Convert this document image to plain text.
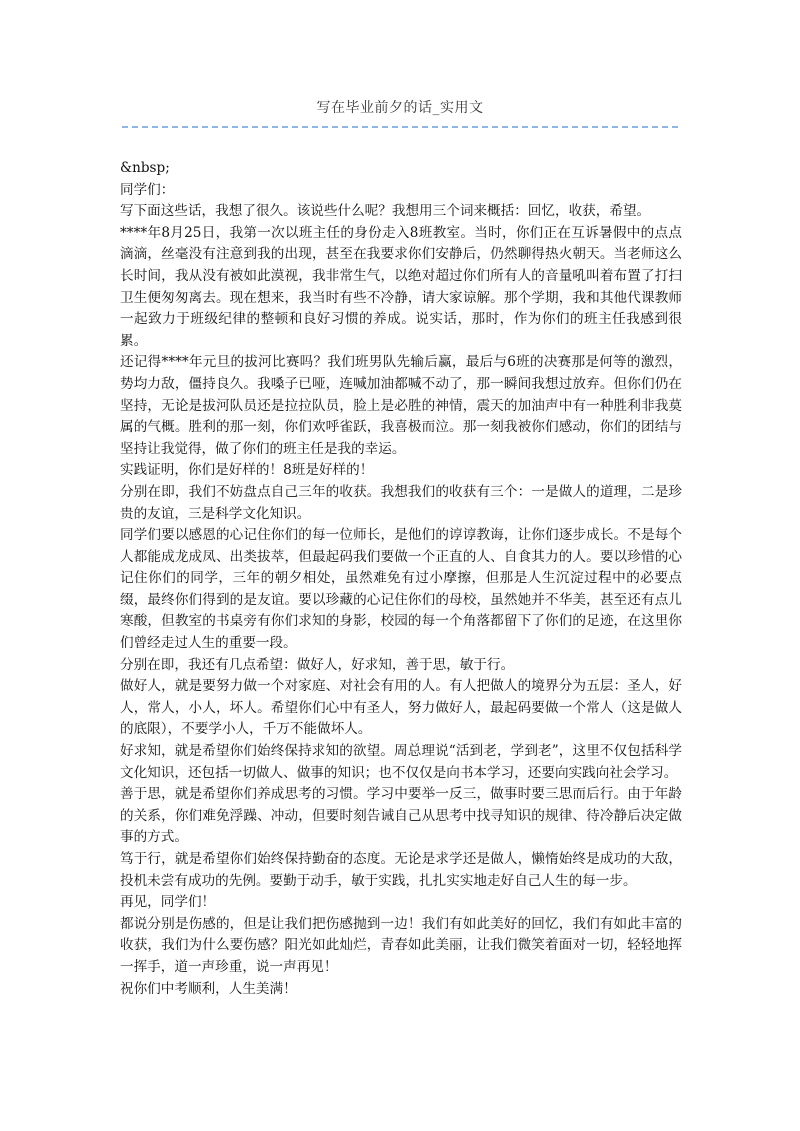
写在毕业前夕的话_实用文

&nbsp;

同学们：

写下面这些话，我想了很久。该说些什么呢？我想用三个词来概括：回忆，收获，希望。

****年8月25日，我第一次以班主任的身份走入8班教室。当时，你们正在互诉暑假中的点点滴滴，丝毫没有注意到我的出现，甚至在我要求你们安静后，仍然聊得热火朝天。当老师这么长时间，我从没有被如此漠视，我非常生气，以绝对超过你们所有人的音量吼叫着布置了打扫卫生便匆匆离去。现在想来，我当时有些不冷静，请大家谅解。那个学期，我和其他代课教师一起致力于班级纪律的整顿和良好习惯的养成。说实话，那时，作为你们的班主任我感到很累。

还记得****年元旦的拔河比赛吗？我们班男队先输后赢，最后与6班的决赛那是何等的激烈，势均力敌，僵持良久。我嗓子已哑，连喊加油都喊不动了，那一瞬间我想过放弃。但你们仍在坚持，无论是拔河队员还是拉拉队员，脸上是必胜的神情，震天的加油声中有一种胜利非我莫属的气概。胜利的那一刻，你们欢呼雀跃，我喜极而泣。那一刻我被你们感动，你们的团结与坚持让我觉得，做了你们的班主任是我的幸运。

实践证明，你们是好样的！8班是好样的！

分别在即，我们不妨盘点自己三年的收获。我想我们的收获有三个：一是做人的道理，二是珍贵的友谊，三是科学文化知识。

同学们要以感恩的心记住你们的每一位师长，是他们的谆谆教诲，让你们逐步成长。不是每个人都能成龙成凤、出类拔萃，但最起码我们要做一个正直的人、自食其力的人。要以珍惜的心记住你们的同学，三年的朝夕相处，虽然难免有过小摩擦，但那是人生沉淀过程中的必要点缀，最终你们得到的是友谊。要以珍藏的心记住你们的母校，虽然她并不华美，甚至还有点儿寒酸，但教室的书桌旁有你们求知的身影，校园的每一个角落都留下了你们的足迹，在这里你们曾经走过人生的重要一段。

分别在即，我还有几点希望：做好人，好求知，善于思，敏于行。

做好人，就是要努力做一个对家庭、对社会有用的人。有人把做人的境界分为五层：圣人，好人，常人，小人，坏人。希望你们心中有圣人，努力做好人，最起码要做一个常人（这是做人的底限），不要学小人，千万不能做坏人。

好求知，就是希望你们始终保持求知的欲望。周总理说“活到老，学到老”，这里不仅包括科学文化知识，还包括一切做人、做事的知识；也不仅仅是向书本学习，还要向实践向社会学习。

善于思，就是希望你们养成思考的习惯。学习中要举一反三，做事时要三思而后行。由于年龄的关系，你们难免浮躁、冲动，但要时刻告诫自己从思考中找寻知识的规律、待冷静后决定做事的方式。

笃于行，就是希望你们始终保持勤奋的态度。无论是求学还是做人，懒惰始终是成功的大敌，投机未尝有成功的先例。要勤于动手，敏于实践，扎扎实实地走好自己人生的每一步。

再见，同学们！

都说分别是伤感的，但是让我们把伤感抛到一边！我们有如此美好的回忆，我们有如此丰富的收获，我们为什么要伤感？阳光如此灿烂，青春如此美丽，让我们微笑着面对一切，轻轻地挥一挥手，道一声珍重，说一声再见！

祝你们中考顺利，人生美满！
